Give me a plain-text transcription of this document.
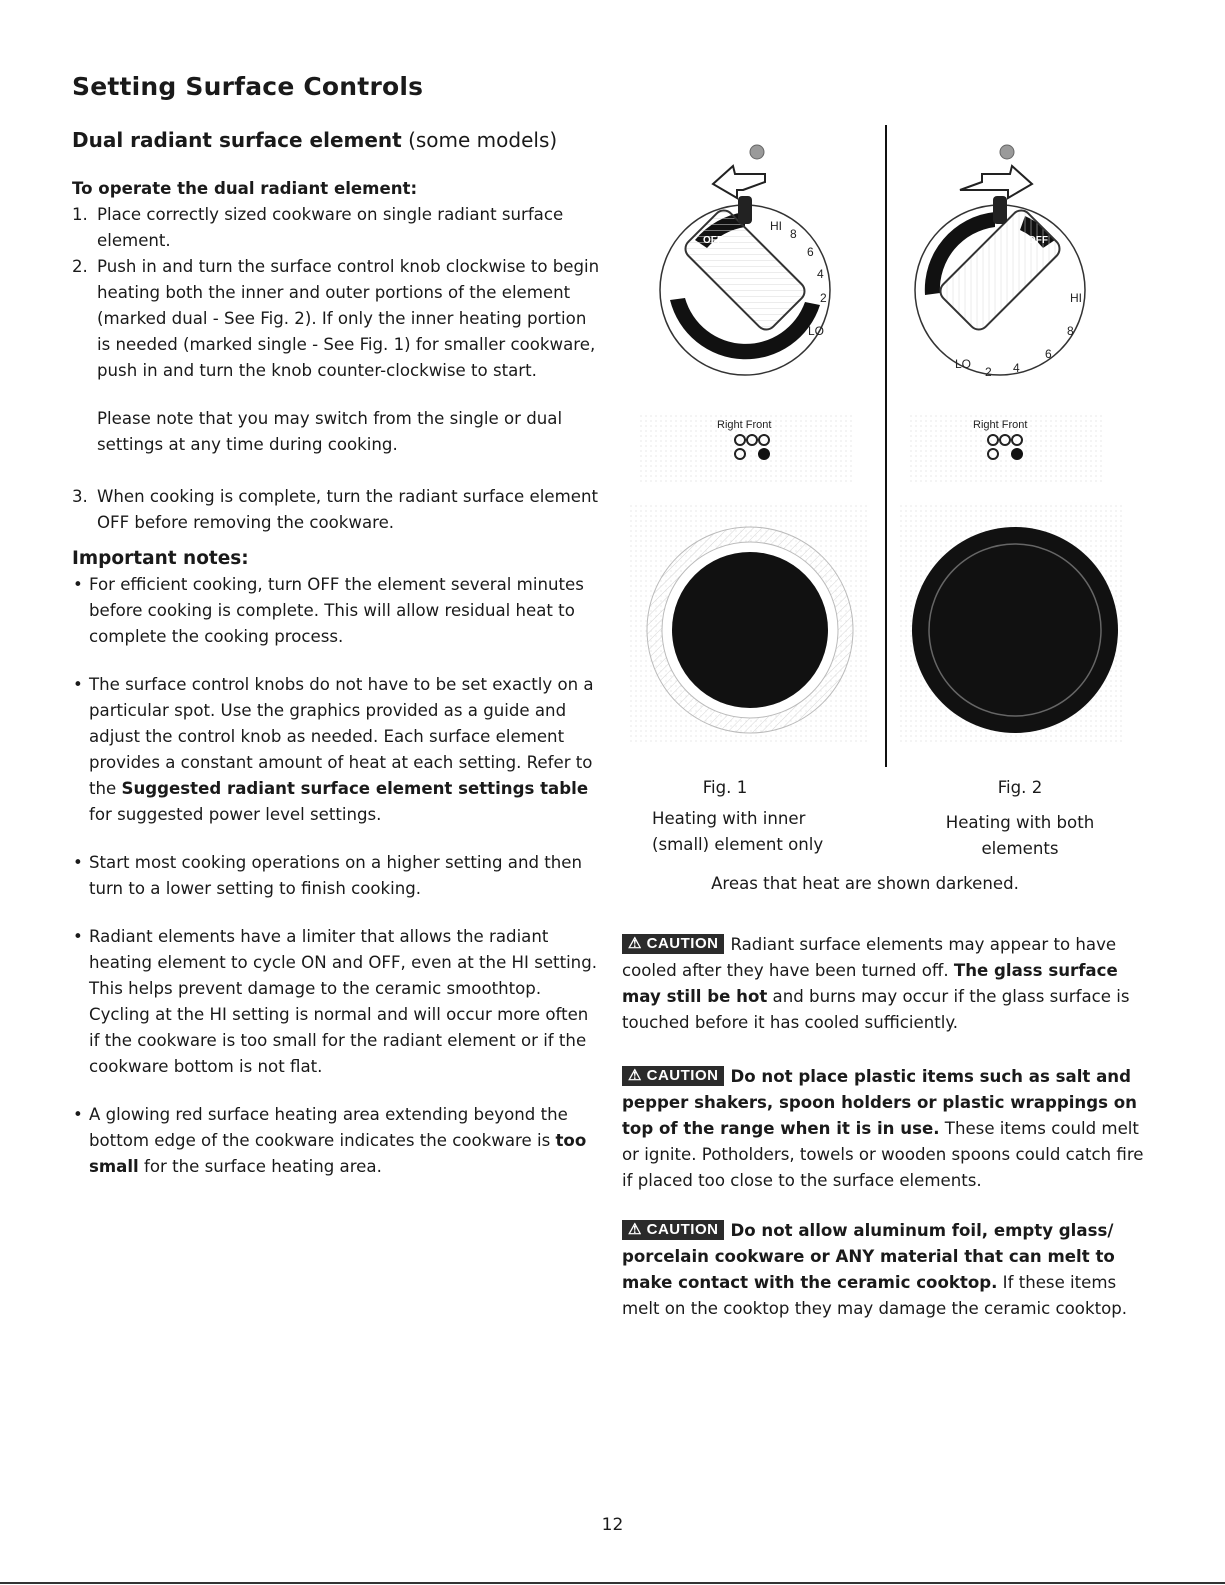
Setting Surface Controls
Dual radiant surface element (some models)

To operate the dual radiant element:

1. Place correctly sized cookware on single radiant surface element.
2. Push in and turn the surface control knob clockwise to begin heating both the inner and outer portions of the element (marked dual - See Fig. 2). If only the inner heating portion is needed (marked single - See Fig. 1) for smaller cookware, push in and turn the knob counter-clockwise to start.

Please note that you may switch from the single or dual settings at any time during cooking.

3. When cooking is complete, turn the radiant surface element OFF before removing the cookware.

Important notes:

• For efficient cooking, turn OFF the element several minutes before cooking is complete. This will allow residual heat to complete the cooking process.
• The surface control knobs do not have to be set exactly on a particular spot. Use the graphics provided as a guide and adjust the control knob as needed. Each surface element provides a constant amount of heat at each setting. Refer to the Suggested radiant surface element settings table for suggested power level settings.
• Start most cooking operations on a higher setting and then turn to a lower setting to finish cooking.
• Radiant elements have a limiter that allows the radiant heating element to cycle ON and OFF, even at the HI setting. This helps prevent damage to the ceramic smoothtop. Cycling at the HI setting is normal and will occur more often if the cookware is too small for the radiant element or if the cookware bottom is not flat.
• A glowing red surface heating area extending beyond the bottom edge of the cookware indicates the cookware is too small for the surface heating area.
HI
8
6
4
2
LO
OFF
Right Front
HI
8
6
4
2
LO
OFF
Right Front
Fig. 1
Heating with inner (small) element only
Fig. 2
Heating with both elements
Areas that heat are shown darkened.
⚠ CAUTION Radiant surface elements may appear to have cooled after they have been turned off. The glass surface may still be hot and burns may occur if the glass surface is touched before it has cooled sufficiently.
⚠ CAUTION Do not place plastic items such as salt and pepper shakers, spoon holders or plastic wrappings on top of the range when it is in use. These items could melt or ignite. Potholders, towels or wooden spoons could catch fire if placed too close to the surface elements.
⚠ CAUTION Do not allow aluminum foil, empty glass/ porcelain cookware or ANY material that can melt to make contact with the ceramic cooktop. If these items melt on the cooktop they may damage the ceramic cooktop.
12
